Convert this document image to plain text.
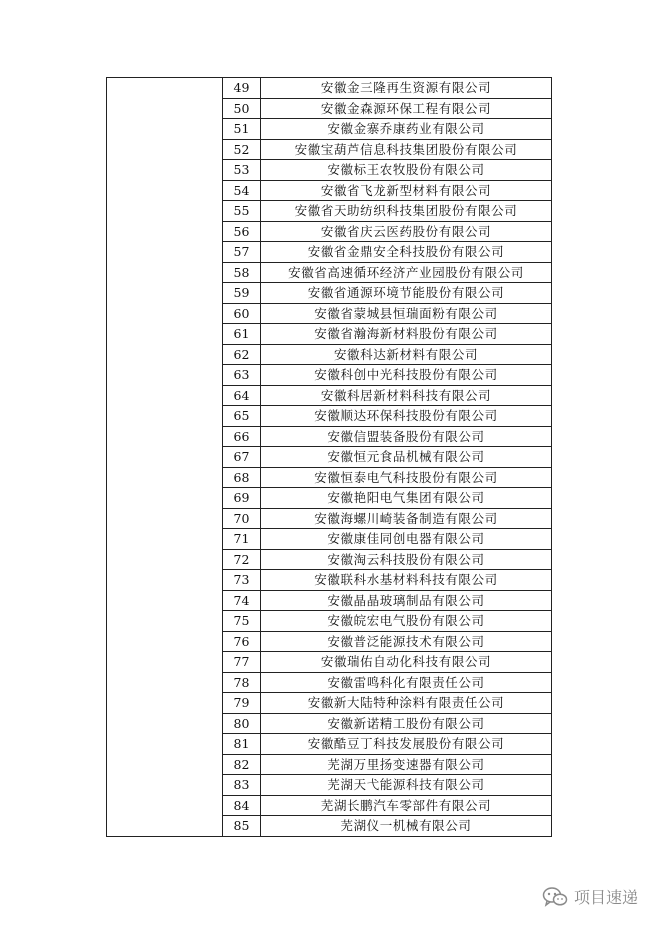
	49	安徽金三隆再生资源有限公司
	50	安徽金森源环保工程有限公司
	51	安徽金寨乔康药业有限公司
	52	安徽宝葫芦信息科技集团股份有限公司
	53	安徽标王农牧股份有限公司
	54	安徽省飞龙新型材料有限公司
	55	安徽省天助纺织科技集团股份有限公司
	56	安徽省庆云医药股份有限公司
	57	安徽省金鼎安全科技股份有限公司
	58	安徽省高速循环经济产业园股份有限公司
	59	安徽省通源环境节能股份有限公司
	60	安徽省蒙城县恒瑞面粉有限公司
	61	安徽省瀚海新材料股份有限公司
	62	安徽科达新材料有限公司
	63	安徽科创中光科技股份有限公司
	64	安徽科居新材料科技有限公司
	65	安徽顺达环保科技股份有限公司
	66	安徽信盟装备股份有限公司
	67	安徽恒元食品机械有限公司
	68	安徽恒泰电气科技股份有限公司
	69	安徽艳阳电气集团有限公司
	70	安徽海螺川崎装备制造有限公司
	71	安徽康佳同创电器有限公司
	72	安徽淘云科技股份有限公司
	73	安徽联科水基材料科技有限公司
	74	安徽晶晶玻璃制品有限公司
	75	安徽皖宏电气股份有限公司
	76	安徽普泛能源技术有限公司
	77	安徽瑞佑自动化科技有限公司
	78	安徽雷鸣科化有限责任公司
	79	安徽新大陆特种涂料有限责任公司
	80	安徽新诺精工股份有限公司
	81	安徽酷豆丁科技发展股份有限公司
	82	芜湖万里扬变速器有限公司
	83	芜湖天弋能源科技有限公司
	84	芜湖长鹏汽车零部件有限公司
	85	芜湖仪一机械有限公司
项目速递
